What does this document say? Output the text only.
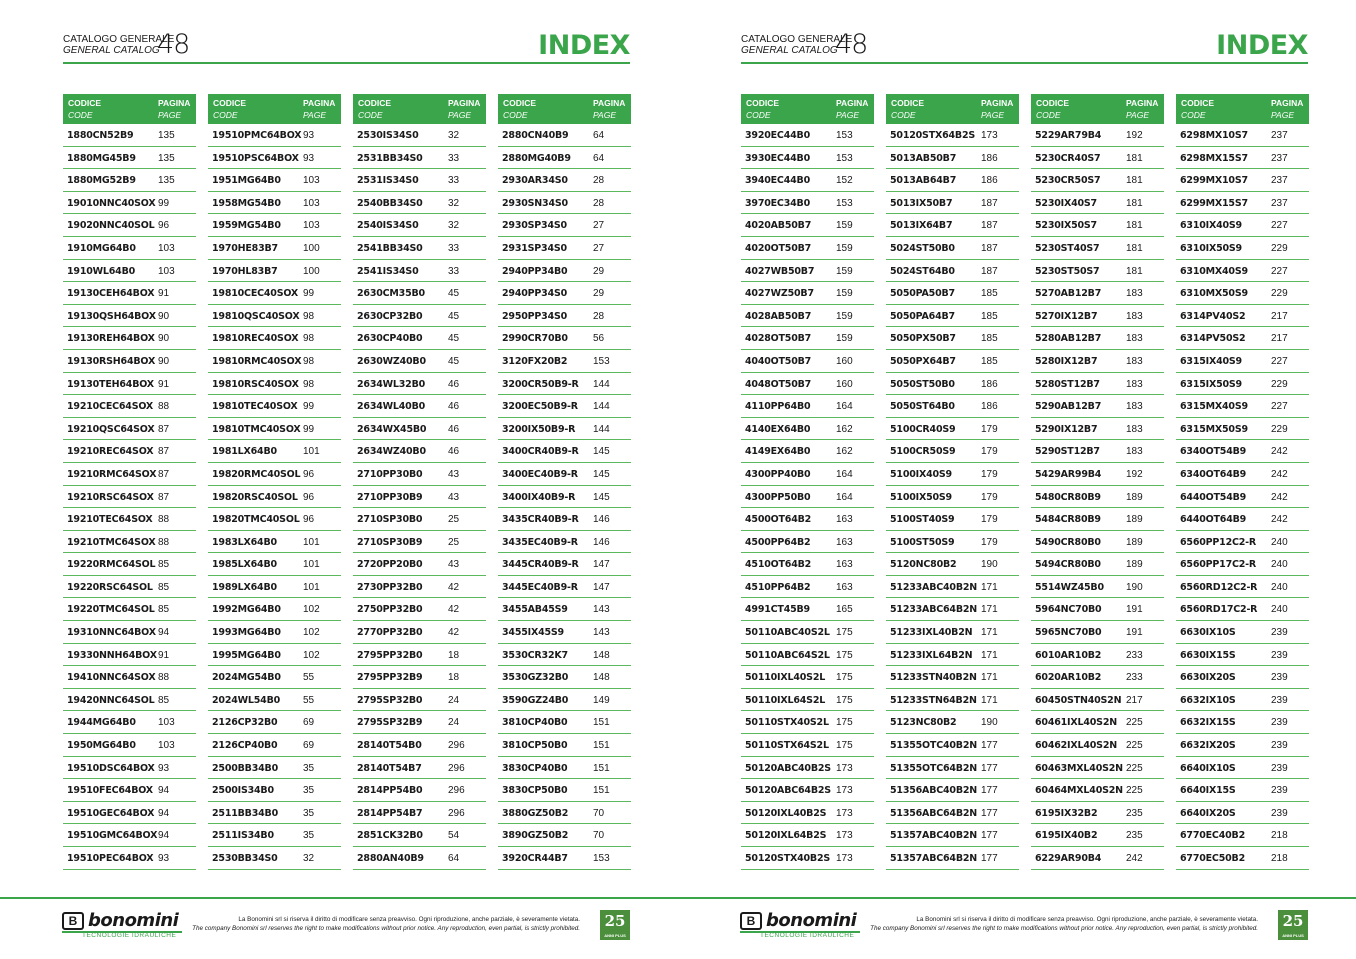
CATALOGO GENERALE
GENERAL CATALOG
48	INDEX
CODICE
CODE
PAGINA
PAGE
1880CN52B9 135
1880MG45B9 135
1880MG52B9 135
19010NNC40SOX 99
19020NNC40SOL 96
1910MG64B0 103
1910WL64B0 103
19130CEH64BOX 91
19130QSH64BOX 90
19130REH64BOX 90
19130RSH64BOX 90
19130TEH64BOX 91
19210CEC64SOX 88
19210QSC64SOX 87
19210REC64SOX 87
19210RMC64SOX 87
19210RSC64SOX 87
19210TEC64SOX 88
19210TMC64SOX 88
19220RMC64SOL 85
19220RSC64SOL 85
19220TMC64SOL 85
19310NNC64BOX 94
19330NNH64BOX 91
19410NNC64SOX 88
19420NNC64SOL 85
1944MG64B0 103
1950MG64B0 103
19510DSC64BOX 93
19510FEC64BOX 94
19510GEC64BOX 94
19510GMC64BOX 94
19510PEC64BOX 93
CODICE
CODE
PAGINA
PAGE
19510PMC64BOX 93
19510PSC64BOX 93
1951MG64B0 103
1958MG54B0 103
1959MG54B0 103
1970HE83B7	100
1970HL83B7	100
19810CEC40SOX 99
19810QSC40SOX 98
19810REC40SOX 98
19810RMC40SOX 98
19810RSC40SOX 98
19810TEC40SOX 99
19810TMC40SOX 99
1981LX64B0	101
19820RMC40SOL 96
19820RSC40SOL 96
19820TMC40SOL 96
1983LX64B0	101
1985LX64B0	101
1989LX64B0	101
1992MG64B0 102
1993MG64B0 102
1995MG64B0 102
2024MG54B0 55
2024WL54B0 55
2126CP32B0	69
2126CP40B0	69
2500BB34B0	35
2500IS34B0	35
2511BB34B0	35
2511IS34B0	35
2530BB34S0	32
CODICE
CODE
PAGINA
PAGE
2530IS34S0	32
2531BB34S0	33
2531IS34S0	33
2540BB34S0	32
2540IS34S0	32
2541BB34S0	33
2541IS34S0	33
2630CM35B0 45
2630CP32B0	45
2630CP40B0	45
2630WZ40B0 45
2634WL32B0 46
2634WL40B0 46
2634WX45B0 46
2634WZ40B0 46
2710PP30B0	43
2710PP30B9	43
2710SP30B0	25
2710SP30B9	25
2720PP20B0	43
2730PP32B0	42
2750PP32B0	42
2770PP32B0	42
2795PP32B0	18
2795PP32B9	18
2795SP32B0	24
2795SP32B9	24
28140T54B0	296
28140T54B7	296
2814PP54B0	296
2814PP54B7	296
2851CK32B0	54
2880AN40B9 64
CODICE
CODE
PAGINA
PAGE
2880CN40B9 64
2880MG40B9 64
2930AR34S0	28
2930SN34S0	28
2930SP34S0	27
2931SP34S0	27
2940PP34B0	29
2940PP34S0	29
2950PP34S0	28
2990CR70B0	56
3120FX20B2	153
3200CR50B9-R 144
3200EC50B9-R 144
3200IX50B9-R 144
3400CR40B9-R 145
3400EC40B9-R 145
3400IX40B9-R 145
3435CR40B9-R 146
3435EC40B9-R 146
3445CR40B9-R 147
3445EC40B9-R 147
3455AB45S9	143
3455IX45S9	143
3530CR32K7	148
3530GZ32B0 148
3590GZ24B0 149
3810CP40B0	151
3810CP50B0	151
3830CP40B0	151
3830CP50B0	151
3880GZ50B2 70
3890GZ50B2 70
3920CR44B7	153
B bonomini
TECNOLOGIE IDRAULICHE
La Bonomini srl si riserva il diritto di modificare senza preavviso. Ogni riproduzione, anche parziale, è severamente vietata.
The company Bonomini srl reserves the right to make modifications without prior notice. Any reproduction, even partial, is strictly prohibited.	25
ANNI PLUS
CATALOGO GENERALE
GENERAL CATALOG
48	INDEX
CODICE
CODE
PAGINA
PAGE
3920EC44B0	153
3930EC44B0	153
3940EC44B0	152
3970EC34B0	153
4020AB50B7 159
4020OT50B7 159
4027WB50B7 159
4027WZ50B7 159
4028AB50B7 159
4028OT50B7 159
4040OT50B7 160
4048OT50B7 160
4110PP64B0	164
4140EX64B0	162
4149EX64B0	162
4300PP40B0	164
4300PP50B0	164
4500OT64B2 163
4500PP64B2	163
4510OT64B2 163
4510PP64B2	163
4991CT45B9	165
50110ABC40S2L 175
50110ABC64S2L 175
50110IXL40S2L 175
50110IXL64S2L 175
50110STX40S2L 175
50110STX64S2L 175
50120ABC40B2S 173
50120ABC64B2S 173
50120IXL40B2S 173
50120IXL64B2S 173
50120STX40B2S 173
CODICE
CODE
PAGINA
PAGE
50120STX64B2S 173
5013AB50B7 186
5013AB64B7 186
5013IX50B7	187
5013IX64B7	187
5024ST50B0	187
5024ST64B0	187
5050PA50B7	185
5050PA64B7	185
5050PX50B7	185
5050PX64B7	185
5050ST50B0	186
5050ST64B0	186
5100CR40S9	179
5100CR50S9	179
5100IX40S9	179
5100IX50S9	179
5100ST40S9	179
5100ST50S9	179
5120NC80B2 190
51233ABC40B2N 171
51233ABC64B2N 171
51233IXL40B2N 171
51233IXL64B2N 171
51233STN40B2N 171
51233STN64B2N 171
5123NC80B2 190
51355OTC40B2N 177
51355OTC64B2N 177
51356ABC40B2N 177
51356ABC64B2N 177
51357ABC40B2N 177
51357ABC64B2N 177
CODICE
CODE
PAGINA
PAGE
5229AR79B4 192
5230CR40S7	181
5230CR50S7	181
5230IX40S7	181
5230IX50S7	181
5230ST40S7	181
5230ST50S7	181
5270AB12B7 183
5270IX12B7	183
5280AB12B7 183
5280IX12B7	183
5280ST12B7	183
5290AB12B7 183
5290IX12B7	183
5290ST12B7	183
5429AR99B4 192
5480CR80B9	189
5484CR80B9	189
5490CR80B0	189
5494CR80B0	189
5514WZ45B0 190
5964NC70B0 191
5965NC70B0 191
6010AR10B2 233
6020AR10B2 233
60450STN40S2N 217
60461IXL40S2N 225
60462IXL40S2N 225
60463MXL40S2N 225
60464MXL40S2N 225
6195IX32B2	235
6195IX40B2	235
6229AR90B4 242
CODICE
CODE
PAGINA
PAGE
6298MX10S7 237
6298MX15S7 237
6299MX10S7 237
6299MX15S7 237
6310IX40S9	227
6310IX50S9	229
6310MX40S9 227
6310MX50S9 229
6314PV40S2	217
6314PV50S2	217
6315IX40S9	227
6315IX50S9	229
6315MX40S9 227
6315MX50S9 229
6340OT54B9 242
6340OT64B9 242
6440OT54B9 242
6440OT64B9 242
6560PP12C2-R 240
6560PP17C2-R 240
6560RD12C2-R 240
6560RD17C2-R 240
6630IX10S	239
6630IX15S	239
6630IX20S	239
6632IX10S	239
6632IX15S	239
6632IX20S	239
6640IX10S	239
6640IX15S	239
6640IX20S	239
6770EC40B2	218
6770EC50B2	218
B bonomini
TECNOLOGIE IDRAULICHE
La Bonomini srl si riserva il diritto di modificare senza preavviso. Ogni riproduzione, anche parziale, è severamente vietata.
The company Bonomini srl reserves the right to make modifications without prior notice. Any reproduction, even partial, is strictly prohibited.	25
ANNI PLUS
